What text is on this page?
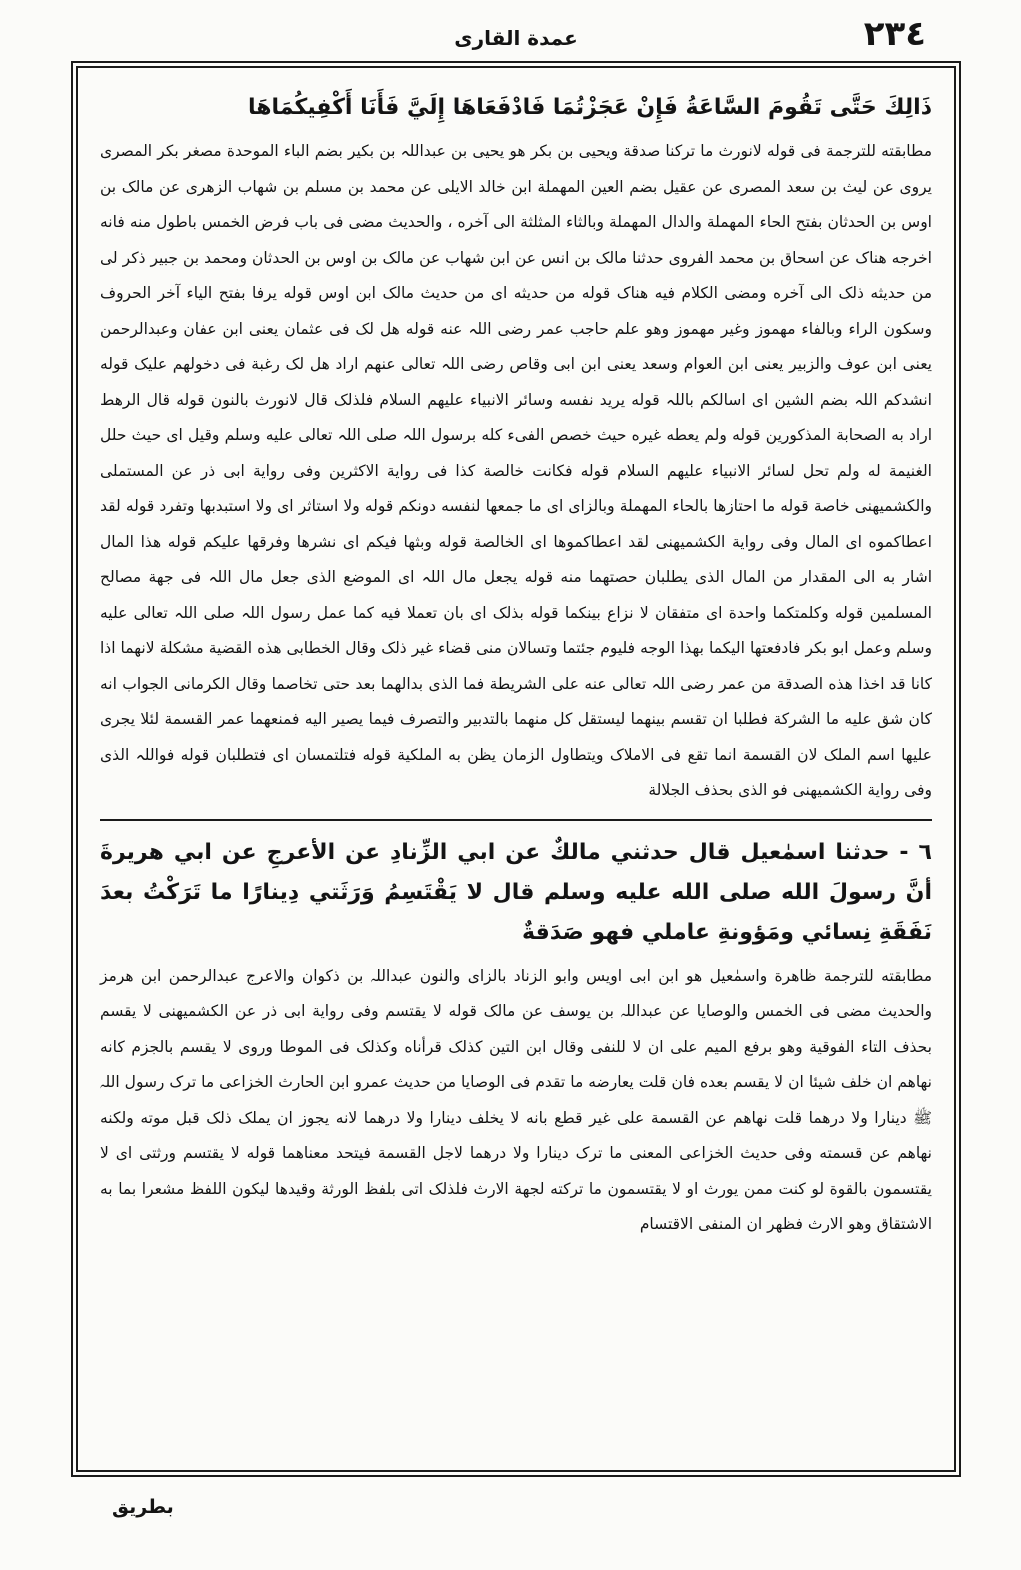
۲۳٤
عمدة القاری
ذَالِكَ حَتَّى تَقُومَ السَّاعَةُ فَإِنْ عَجَزْتُمَا فَادْفَعَاهَا إِلَيَّ فَأَنَا أَكْفِيكُمَاهَا

مطابقته للترجمة فی قوله لانورث ما ترکنا صدقة ویحیی بن بکر هو یحیی بن عبداللہ بن بکیر بضم الباء الموحدة مصغر بکر المصری یروی عن لیث بن سعد المصری عن عقیل بضم العین المهملة ابن خالد الایلی عن محمد بن مسلم بن شهاب الزهری عن مالک بن اوس بن الحدثان بفتح الحاء المهملة والدال المهملة وبالثاء المثلثة الی آخره ، والحدیث مضی فی باب فرض الخمس باطول منه فانه اخرجه هناک عن اسحاق بن محمد الفروی حدثنا مالک بن انس عن ابن شهاب عن مالک بن اوس بن الحدثان ومحمد بن جبیر ذکر لی من حدیثه ذلک الی آخره ومضی الکلام فیه هناک قوله من حدیثه ای من حدیث مالک ابن اوس قوله یرفا بفتح الیاء آخر الحروف وسکون الراء وبالفاء مهموز وغیر مهموز وهو علم حاجب عمر رضی اللہ عنه قوله هل لک فی عثمان یعنی ابن عفان وعبدالرحمن یعنی ابن عوف والزبیر یعنی ابن العوام وسعد یعنی ابن ابی وقاص رضی اللہ تعالی عنهم اراد هل لک رغبة فی دخولهم علیک قوله انشدکم اللہ بضم الشین ای اسالکم باللہ قوله یرید نفسه وسائر الانبیاء علیهم السلام فلذلک قال لانورث بالنون قوله قال الرهط اراد به الصحابة المذکورین قوله ولم یعطه غیره حیث خصص الفیء کله برسول اللہ صلی اللہ تعالی علیه وسلم وقیل ای حیث حلل الغنیمة له ولم تحل لسائر الانبیاء علیهم السلام قوله فکانت خالصة کذا فی روایة الاکثرین وفی روایة ابی ذر عن المستملی والکشمیهنی خاصة قوله ما احتازها بالحاء المهملة وبالزای ای ما جمعها لنفسه دونکم قوله ولا استاثر ای ولا استبدبها وتفرد قوله لقد اعطاکموه ای المال وفی روایة الکشمیهنی لقد اعطاکموها ای الخالصة قوله وبثها فیکم ای نشرها وفرقها علیکم قوله هذا المال اشار به الی المقدار من المال الذی یطلبان حصتهما منه قوله یجعل مال اللہ ای الموضع الذی جعل مال اللہ فی جهة مصالح المسلمین قوله وکلمتکما واحدة ای متفقان لا نزاع بینکما قوله بذلک ای بان تعملا فیه کما عمل رسول اللہ صلی اللہ تعالی علیه وسلم وعمل ابو بکر فادفعتها الیکما بهذا الوجه فلیوم جئتما وتسالان منی قضاء غیر ذلک وقال الخطابی هذه القضیة مشکلة لانهما اذا کانا قد اخذا هذه الصدقة من عمر رضی اللہ تعالی عنه علی الشریطة فما الذی بدالهما بعد حتی تخاصما وقال الکرمانی الجواب انه کان شق علیه ما الشرکة فطلبا ان تقسم بینهما لیستقل کل منهما بالتدبیر والتصرف فیما یصیر الیه فمنعهما عمر القسمة لئلا یجری علیها اسم الملک لان القسمة انما تقع فی الاملاک ویتطاول الزمان یظن به الملکیة قوله فتلتمسان ای فتطلبان قوله فواللہ الذی وفی روایة الکشمیهنی فو الذی بحذف الجلالة

٦ - حدثنا اسمٰعيل قال حدثني مالكٌ عن ابي الزِّنادِ عن الأعرجِ عن ابي هريرةَ أنَّ رسولَ الله صلى الله عليه وسلم قال لا يَقْتَسِمُ وَرَثَتي دِينارًا ما تَرَكْتُ بعدَ نَفَقَةِ نِسائي ومَؤونةِ عاملي فهو صَدَقةٌ

مطابقته للترجمة ظاهرة واسمٰعیل هو ابن ابی اویس وابو الزناد بالزای والنون عبداللہ بن ذکوان والاعرج عبدالرحمن ابن هرمز والحدیث مضی فی الخمس والوصایا عن عبداللہ بن یوسف عن مالک قوله لا یقتسم وفی روایة ابی ذر عن الکشمیهنی لا یقسم بحذف التاء الفوقیة وهو برفع المیم علی ان لا للنفی وقال ابن التین کذلک قرأناه وکذلک فی الموطا وروی لا یقسم بالجزم کانه نهاهم ان خلف شیئا ان لا یقسم بعده فان قلت یعارضه ما تقدم فی الوصایا من حدیث عمرو ابن الحارث الخزاعی ما ترک رسول اللہ ﷺ دینارا ولا درهما قلت نهاهم عن القسمة علی غیر قطع بانه لا یخلف دینارا ولا درهما لانه یجوز ان یملک ذلک قبل موته ولکنه نهاهم عن قسمته وفی حدیث الخزاعی المعنی ما ترک دینارا ولا درهما لاجل القسمة فیتحد معناهما قوله لا یقتسم ورثتی ای لا یقتسمون بالقوة لو کنت ممن یورث او لا یقتسمون ما ترکته لجهة الارث فلذلک اتی بلفظ الورثة وقیدها لیکون اللفظ مشعرا بما به الاشتقاق وهو الارث فظهر ان المنفی الاقتسام

بطريق
